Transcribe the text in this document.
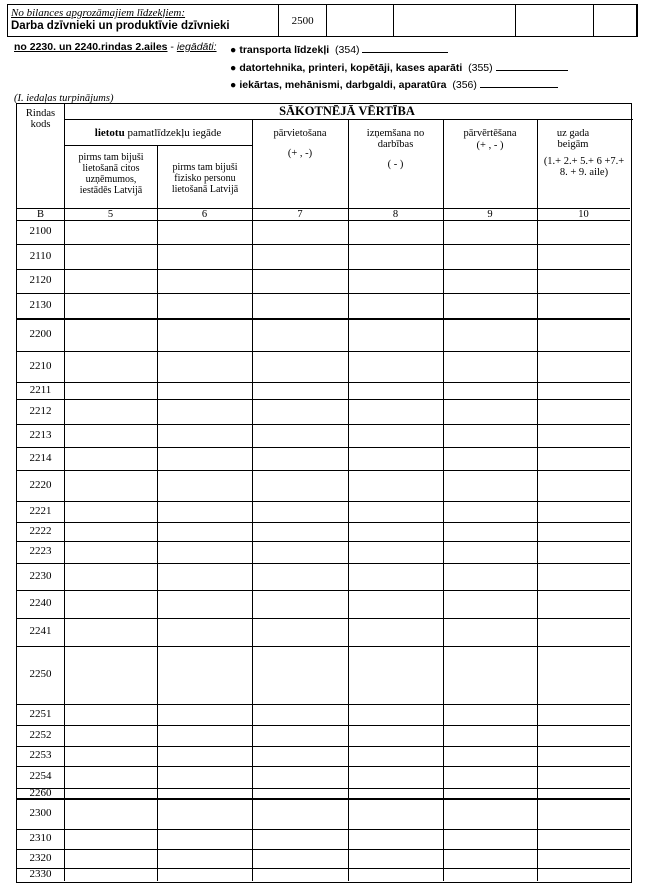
No bilances apgrozāmajiem līdzekļiem:
Darba dzīvnieki un produktīvie dzīvnieki	2500
no 2230. un 2240.rindas 2.ailes - iegādāti: ● transporta līdzekļi (354)
● datortehnika, printeri, kopētāji, kases aparāti (355)
● iekārtas, mehānismi, darbgaldi, aparatūra (356)
(I. iedaļas turpinājums)
Rindas kods
SĀKOTNĒJĀ VĒRTĪBA
lietotu pamatlīdzekļu iegāde
pirms tam bijuši lietošanā citos uzņēmumos, iestādēs Latvijā
pirms tam bijuši fizisko personu lietošanā Latvijā
pārvietošana
(+ , -)
izņemšana no darbības
( - )
pārvērtēšana
(+ , - )
uz gada beigām
(1.+ 2.+ 5.+ 6 +7.+ 8. + 9. aile)
B	5	6	7	8	9	10
2100
2110
2120
2130
2200
2210
2211
2212
2213
2214
2220
2221
2222
2223
2230
2240
2241
2250
2251
2252
2253
2254
2260
2300
2310
2320
2330
